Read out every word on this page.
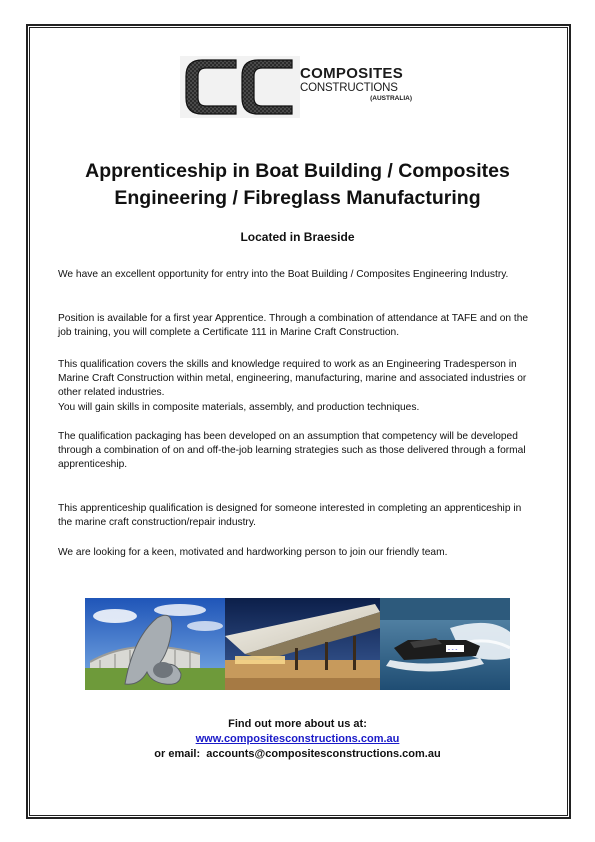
COMPOSITES
CONSTRUCTIONS
(AUSTRALIA)
Apprenticeship in Boat Building / Composites Engineering / Fibreglass Manufacturing

Located in Braeside

We have an excellent opportunity for entry into the Boat Building / Composites Engineering Industry.

Position is available for a first year Apprentice. Through a combination of attendance at TAFE and on the job training, you will complete a Certificate 111 in Marine Craft Construction.

This qualification covers the skills and knowledge required to work as an Engineering Tradesperson in Marine Craft Construction within metal, engineering, manufacturing, marine and associated industries or other related industries.
You will gain skills in composite materials, assembly, and production techniques.

The qualification packaging has been developed on an assumption that competency will be developed through a combination of on and off-the-job learning strategies such as those delivered through a formal apprenticeship.

This apprenticeship qualification is designed for someone interested in completing an apprenticeship in the marine craft construction/repair industry.

We are looking for a keen, motivated and hardworking person to join our friendly team.

- - -
Find out more about us at:
www.compositesconstructions.com.au
or email:  accounts@compositesconstructions.com.au
